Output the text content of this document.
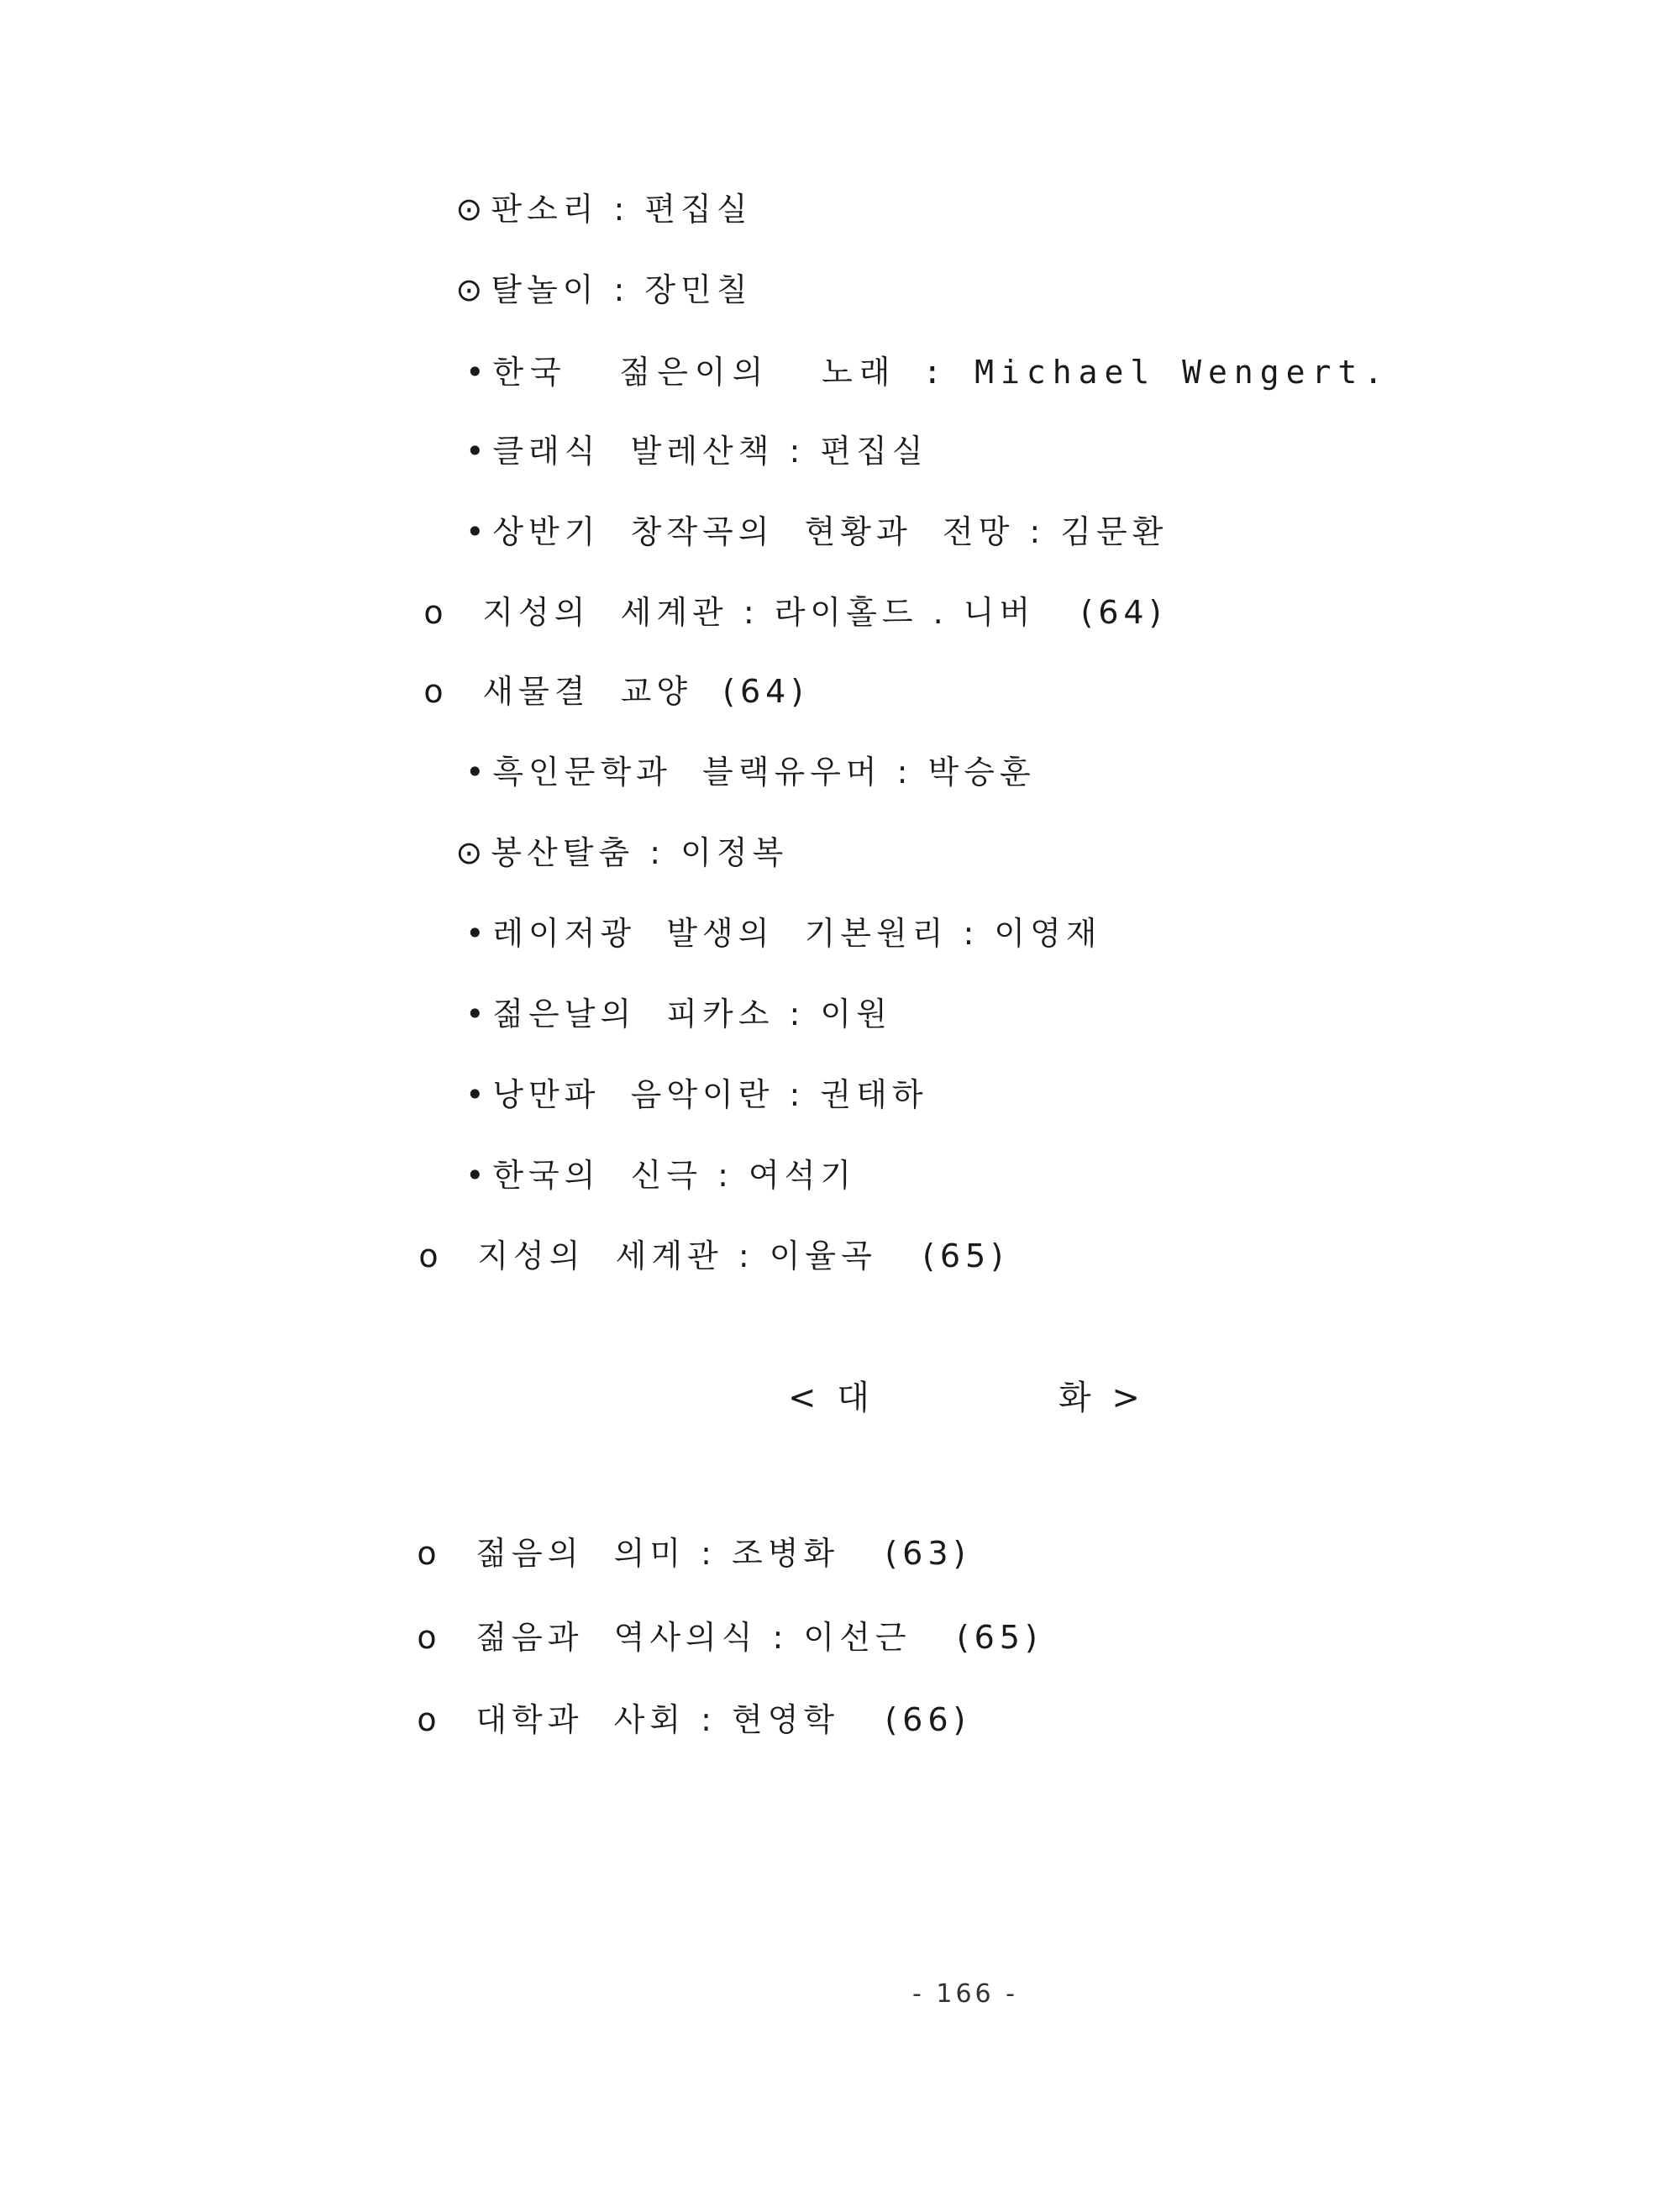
⊙ 판소리 : 편집실

⊙ 탈놀이 : 장민칠

•한국  젊은이의  노래 : Michael Wengert.

•클래식  발레산책 : 편집실

•상반기  창작곡의  현황과  전망 : 김문환

o 지성의  세계관 : 라이홀드 . 니버   (64)

o 새물결  교양  (64)

•흑인문학과  블랙유우머 : 박승훈

⊙ 봉산탈춤 : 이정복

•레이저광  발생의  기본원리 : 이영재

•젊은날의  피카소 : 이원

•낭만파  음악이란 : 권태하

•한국의  신극 : 여석기

o 지성의  세계관 : 이율곡   (65)

< 대	화 >

o 젊음의  의미 : 조병화   (63)

o 젊음과  역사의식 : 이선근   (65)

o 대학과  사회 : 현영학   (66)

- 166 -
